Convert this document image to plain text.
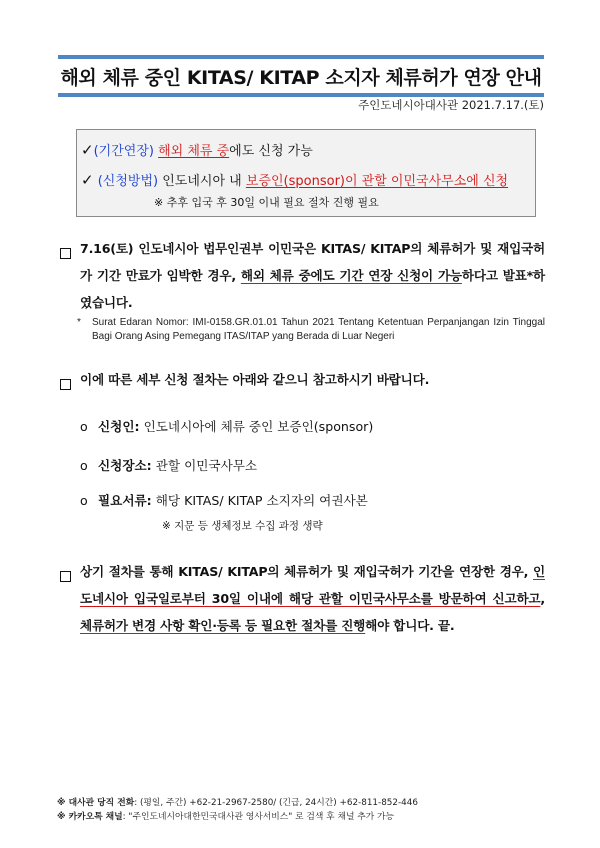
해외 체류 중인 KITAS/ KITAP 소지자 체류허가 연장 안내
주인도네시아대사관 2021.7.17.(토)
✓(기간연장) 해외 체류 중에도 신청 가능
✓ (신청방법) 인도네시아 내 보증인(sponsor)이 관할 이민국사무소에 신청
※ 추후 입국 후 30일 이내 필요 절차 진행 필요
7.16(토) 인도네시아 법무인권부 이민국은 KITAS/ KITAP의 체류허가 및 재입국허가 기간 만료가 임박한 경우, 해외 체류 중에도 기간 연장 신청이 가능하다고 발표*하였습니다.
*	Surat Edaran Nomor: IMI-0158.GR.01.01 Tahun 2021 Tentang Ketentuan Perpanjangan Izin Tinggal Bagi Orang Asing Pemegang ITAS/ITAP yang Berada di Luar Negeri
이에 따른 세부 신청 절차는 아래와 같으니 참고하시기 바랍니다.
o 신청인: 인도네시아에 체류 중인 보증인(sponsor)
o 신청장소: 관할 이민국사무소
o 필요서류: 해당 KITAS/ KITAP 소지자의 여권사본
※ 지문 등 생체정보 수집 과정 생략
상기 절차를 통해 KITAS/ KITAP의 체류허가 및 재입국허가 기간을 연장한 경우, 인도네시아 입국일로부터 30일 이내에 해당 관할 이민국사무소를 방문하여 신고하고, 체류허가 변경 사항 확인·등록 등 필요한 절차를 진행해야 합니다. 끝.
※ 대사관 당직 전화: (평일, 주간) +62-21-2967-2580/ (긴급, 24시간) +62-811-852-446
※ 카카오톡 채널: "주인도네시아대한민국대사관 영사서비스" 로 검색 후 채널 추가 가능
